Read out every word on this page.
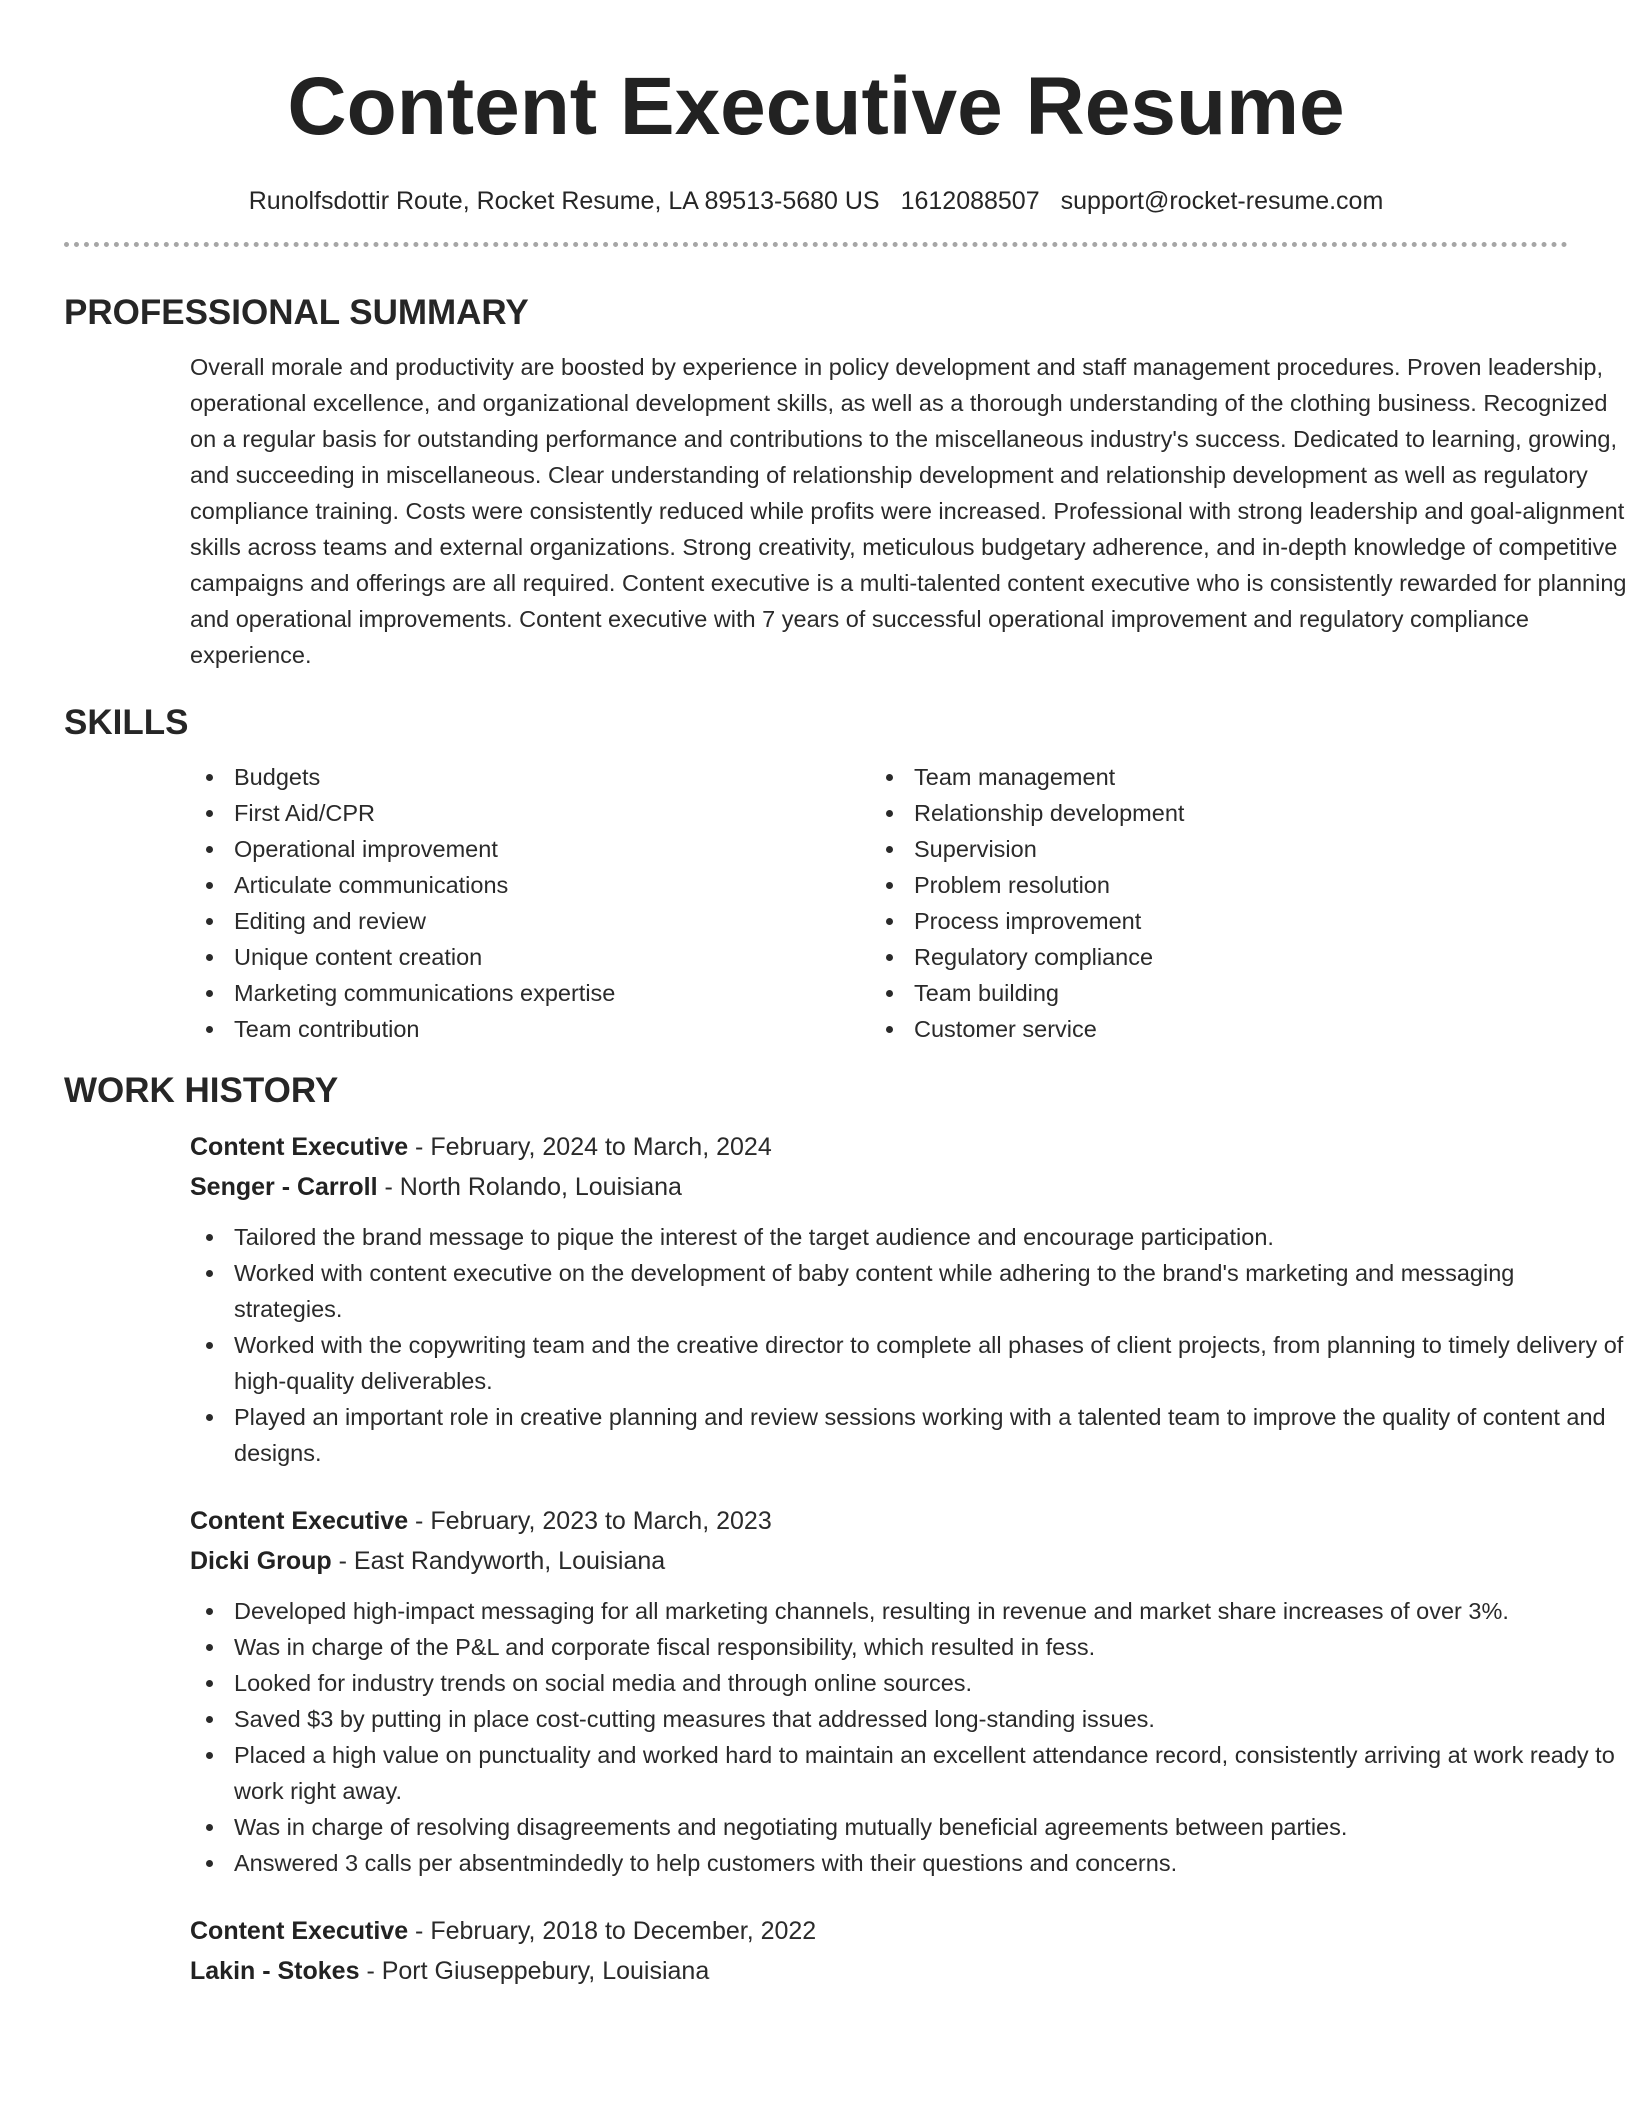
Content Executive Resume
Runolfsdottir Route, Rocket Resume, LA 89513-5680 US 1612088507 support@rocket-resume.com
PROFESSIONAL SUMMARY

Overall morale and productivity are boosted by experience in policy development and staff management procedures. Proven leadership, operational excellence, and organizational development skills, as well as a thorough understanding of the clothing business. Recognized on a regular basis for outstanding performance and contributions to the miscellaneous industry's success. Dedicated to learning, growing, and succeeding in miscellaneous. Clear understanding of relationship development and relationship development as well as regulatory compliance training. Costs were consistently reduced while profits were increased. Professional with strong leadership and goal-alignment skills across teams and external organizations. Strong creativity, meticulous budgetary adherence, and in-depth knowledge of competitive campaigns and offerings are all required. Content executive is a multi-talented content executive who is consistently rewarded for planning and operational improvements. Content executive with 7 years of successful operational improvement and regulatory compliance experience.

SKILLS
Budgets
First Aid/CPR
Operational improvement
Articulate communications
Editing and review
Unique content creation
Marketing communications expertise
Team contribution
Team management
Relationship development
Supervision
Problem resolution
Process improvement
Regulatory compliance
Team building
Customer service
WORK HISTORY
Content Executive - February, 2024 to March, 2024
Senger - Carroll - North Rolando, Louisiana
Tailored the brand message to pique the interest of the target audience and encourage participation.
Worked with content executive on the development of baby content while adhering to the brand's marketing and messaging strategies.
Worked with the copywriting team and the creative director to complete all phases of client projects, from planning to timely delivery of high-quality deliverables.
Played an important role in creative planning and review sessions working with a talented team to improve the quality of content and designs.
Content Executive - February, 2023 to March, 2023
Dicki Group - East Randyworth, Louisiana
Developed high-impact messaging for all marketing channels, resulting in revenue and market share increases of over 3%.
Was in charge of the P&L and corporate fiscal responsibility, which resulted in fess.
Looked for industry trends on social media and through online sources.
Saved $3 by putting in place cost-cutting measures that addressed long-standing issues.
Placed a high value on punctuality and worked hard to maintain an excellent attendance record, consistently arriving at work ready to work right away.
Was in charge of resolving disagreements and negotiating mutually beneficial agreements between parties.
Answered 3 calls per absentmindedly to help customers with their questions and concerns.
Content Executive - February, 2018 to December, 2022
Lakin - Stokes - Port Giuseppebury, Louisiana
